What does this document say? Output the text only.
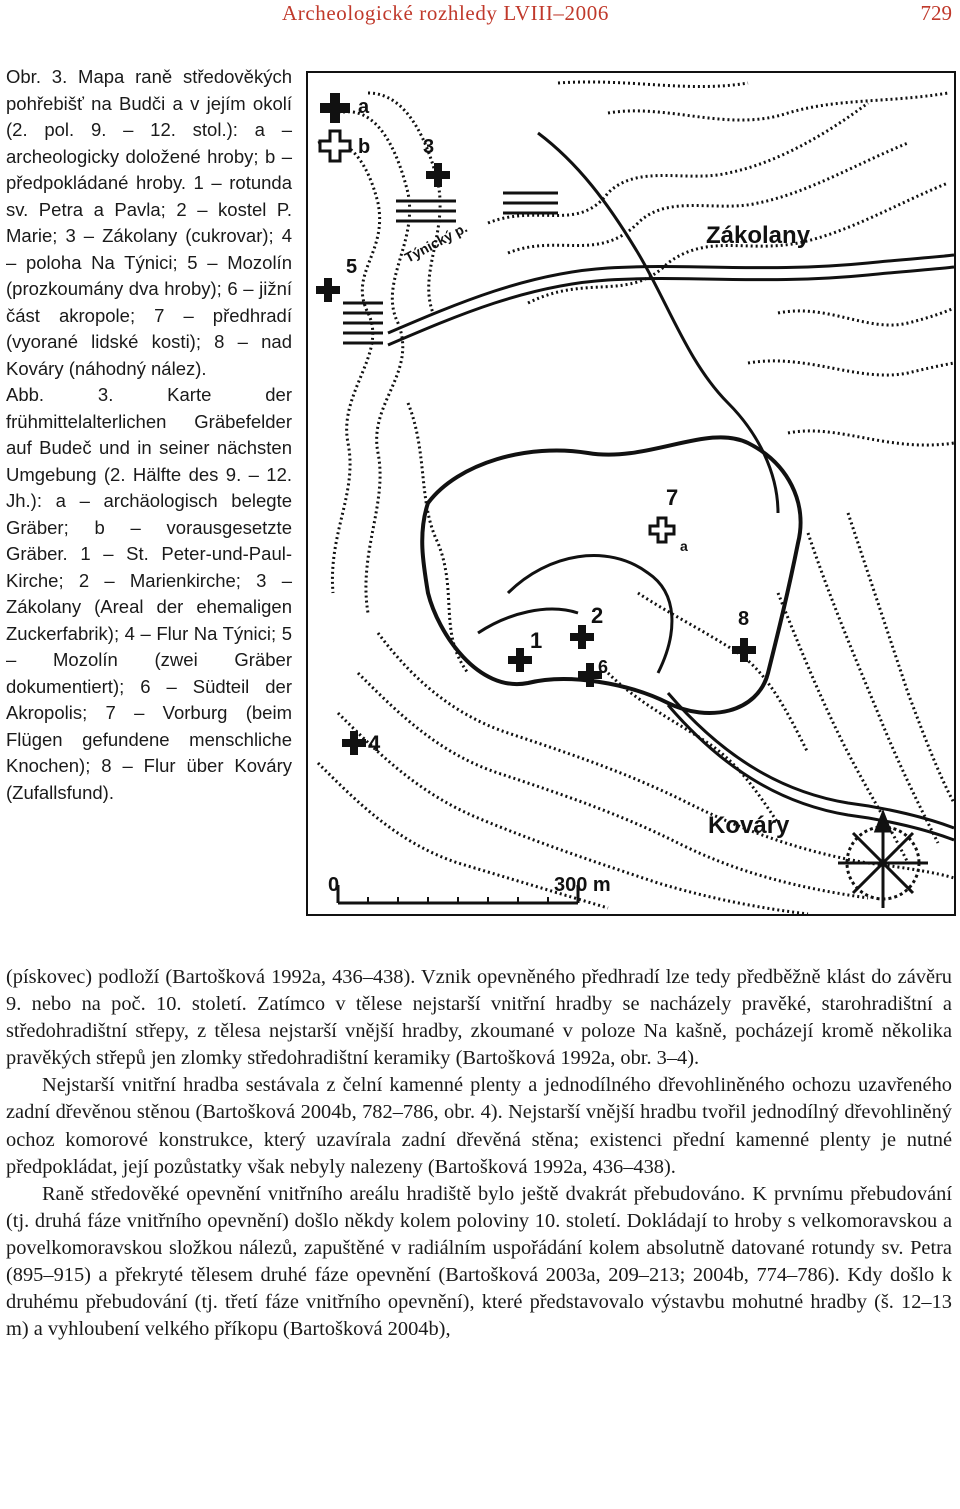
Archeologické rozhledy LVIII–2006	729

Obr. 3. Mapa raně středověkých pohřebišť na Budči a v jejím okolí (2. pol. 9. – 12. stol.): a – archeologicky doložené hroby; b – předpokládané hroby. 1 – rotunda sv. Petra a Pavla; 2 – kostel P. Marie; 3 – Zákolany (cukrovar); 4 – poloha Na Týnici; 5 – Mozolín (prozkoumány dva hroby); 6 – jižní část akropole; 7 – předhradí (vyorané lidské kosti); 8 – nad Kováry (náhodný nález).

Abb. 3. Karte der frühmittelalterlichen Gräbefelder auf Budeč und in seiner nächsten Umgebung (2. Hälfte des 9. – 12. Jh.): a – archäologisch belegte Gräber; b – vorausgesetzte Gräber. 1 – St. Peter-und-Paul-Kirche; 2 – Marienkirche; 3 – Zákolany (Areal der ehemaligen Zuckerfabrik); 4 – Flur Na Týnici; 5 – Mozolín (zwei Gräber dokumentiert); 6 – Südteil der Akropolis; 7 – Vorburg (beim Flügen gefundene menschliche Knochen); 8 – Flur über Kováry (Zufallsfund).

a
b	3
5
7
a
1
2
6
8
4
Zákolany
Kováry
Týnický p.
0	300 m

(pískovec) podloží (Bartošková 1992a, 436–438). Vznik opevněného předhradí lze tedy předběžně klást do závěru 9. nebo na poč. 10. století. Zatímco v tělese nejstarší vnitřní hradby se nacházely pravěké, starohradištní a středohradištní střepy, z tělesa nejstarší vnější hradby, zkoumané v poloze Na kašně, pocházejí kromě několika pravěkých střepů jen zlomky středohradištní keramiky (Bartošková 1992a, obr. 3–4).

Nejstarší vnitřní hradba sestávala z čelní kamenné plenty a jednodílného dřevohliněného ochozu uzavřeného zadní dřevěnou stěnou (Bartošková 2004b, 782–786, obr. 4). Nejstarší vnější hradbu tvořil jednodílný dřevohliněný ochoz komorové konstrukce, který uzavírala zadní dřevěná stěna; existenci přední kamenné plenty je nutné předpokládat, její pozůstatky však nebyly nalezeny (Bartošková 1992a, 436–438).

Raně středověké opevnění vnitřního areálu hradiště bylo ještě dvakrát přebudováno. K prvnímu přebudování (tj. druhá fáze vnitřního opevnění) došlo někdy kolem poloviny 10. století. Dokládají to hroby s velkomoravskou a povelkomoravskou složkou nálezů, zapuštěné v radiálním uspořádání kolem absolutně datované rotundy sv. Petra (895–915) a překryté tělesem druhé fáze opevnění (Bartošková 2003a, 209–213; 2004b, 774–786). Kdy došlo k druhému přebudování (tj. třetí fáze vnitřního opevnění), které představovalo výstavbu mohutné hradby (š. 12–13 m) a vyhloubení velkého příkopu (Bartošková 2004b),
